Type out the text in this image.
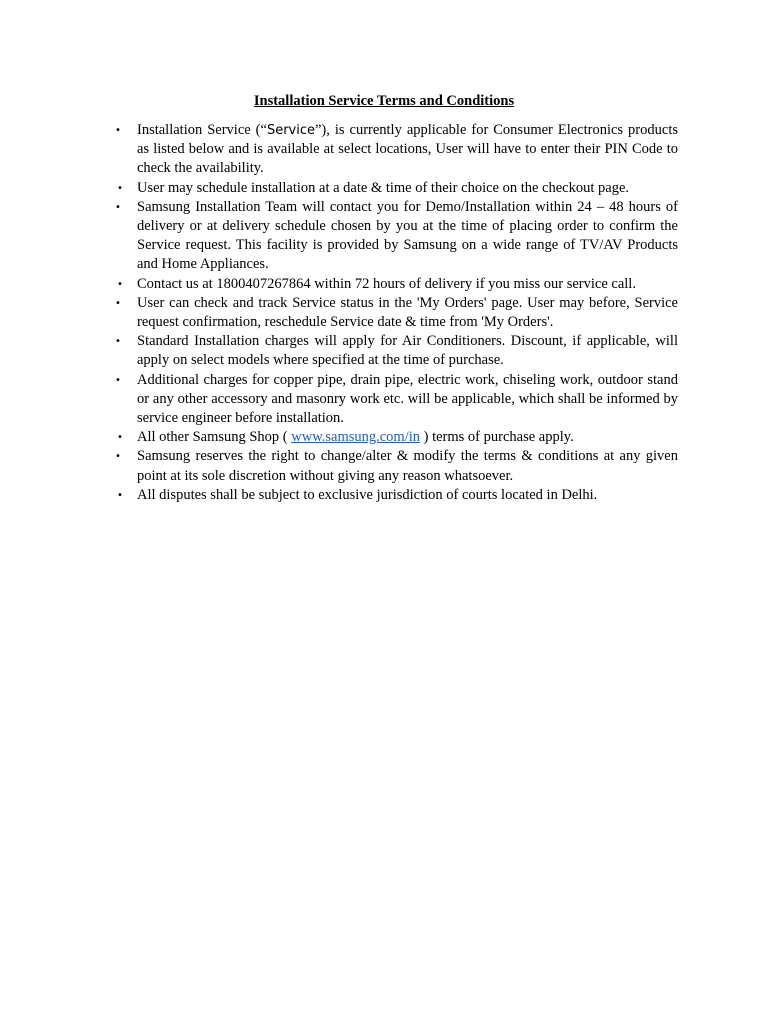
Installation Service Terms and Conditions
• Installation Service (“Service”), is currently applicable for Consumer Electronics products as listed below and is available at select locations, User will have to enter their PIN Code to check the availability.
• User may schedule installation at a date & time of their choice on the checkout page.
• Samsung Installation Team will contact you for Demo/Installation within 24 – 48 hours of delivery or at delivery schedule chosen by you at the time of placing order to confirm the Service request. This facility is provided by Samsung on a wide range of TV/AV Products and Home Appliances.
• Contact us at 1800407267864 within 72 hours of delivery if you miss our service call.
• User can check and track Service status in the 'My Orders' page. User may before, Service request confirmation, reschedule Service date & time from 'My Orders'.
• Standard Installation charges will apply for Air Conditioners. Discount, if applicable, will apply on select models where specified at the time of purchase.
• Additional charges for copper pipe, drain pipe, electric work, chiseling work, outdoor stand or any other accessory and masonry work etc. will be applicable, which shall be informed by service engineer before installation.
• All other Samsung Shop ( www.samsung.com/in ) terms of purchase apply.
• Samsung reserves the right to change/alter & modify the terms & conditions at any given point at its sole discretion without giving any reason whatsoever.
• All disputes shall be subject to exclusive jurisdiction of courts located in Delhi.
